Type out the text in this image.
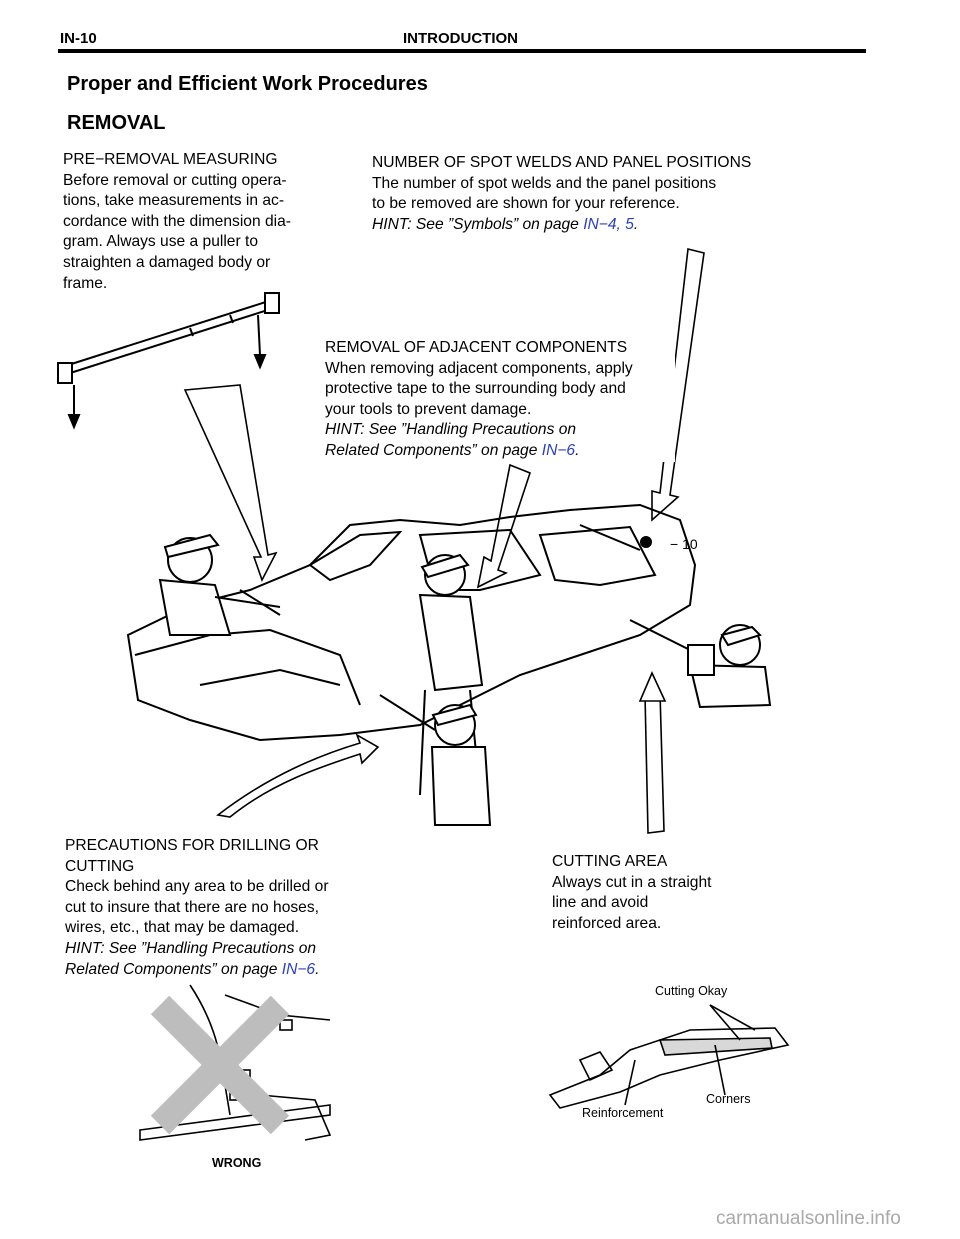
IN-10	INTRODUCTION
Proper and Efficient Work Procedures
REMOVAL
PRE−REMOVAL MEASURING
Before removal or cutting opera-
tions, take measurements in ac-
cordance with the dimension dia-
gram. Always use a puller to
straighten a damaged body or
frame.
NUMBER OF SPOT WELDS AND PANEL POSITIONS
The number of spot welds and the panel positions
to be removed are shown for your reference.
HINT: See ”Symbols” on page IN−4, 5.
− 10
REMOVAL OF ADJACENT COMPONENTS
When removing adjacent components, apply
protective tape to the surrounding body and
your tools to prevent damage.
HINT: See ”Handling Precautions on
Related Components” on page IN−6.
PRECAUTIONS FOR DRILLING OR
CUTTING
Check behind any area to be drilled or
cut to insure that there are no hoses,
wires, etc., that may be damaged.
HINT: See ”Handling Precautions on
Related Components” on page IN−6.
CUTTING AREA
Always cut in a straight
line and avoid
reinforced area.
WRONG
Cutting Okay
Corners
Reinforcement
carmanualsonline.info
